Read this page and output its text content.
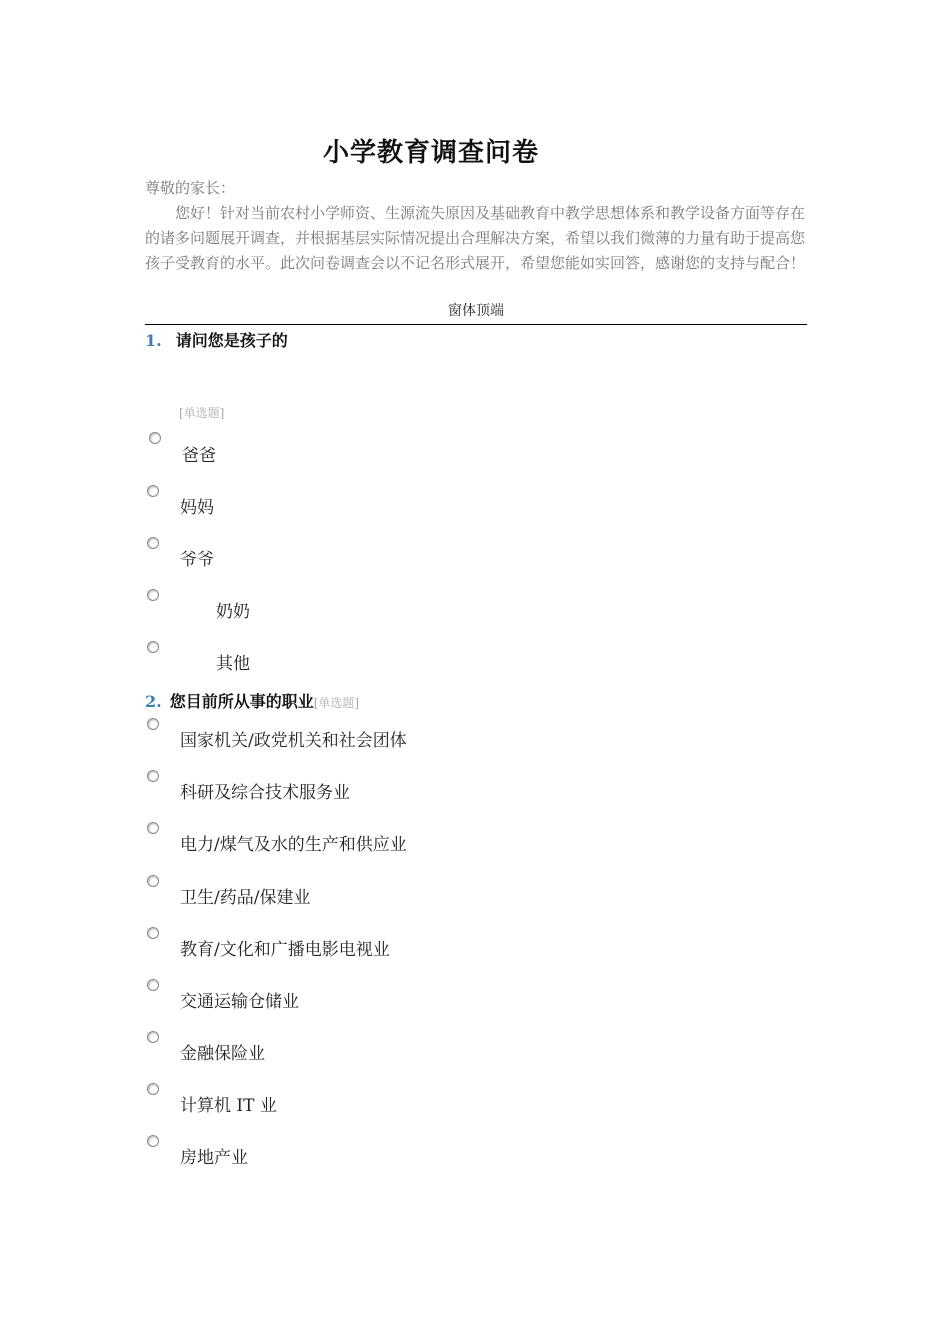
小学教育调查问卷

尊敬的家长：

您好！针对当前农村小学师资、生源流失原因及基础教育中教学思想体系和教学设备方面等存在的诸多问题展开调查，并根据基层实际情况提出合理解决方案，希望以我们微薄的力量有助于提高您孩子受教育的水平。此次问卷调查会以不记名形式展开，希望您能如实回答，感谢您的支持与配合！

窗体顶端
1. 请问您是孩子的
[单选题]
爸爸
妈妈
爷爷
奶奶
其他
2. 您目前所从事的职业[单选题]
国家机关/政党机关和社会团体
科研及综合技术服务业
电力/煤气及水的生产和供应业
卫生/药品/保建业
教育/文化和广播电影电视业
交通运输仓储业
金融保险业
计算机 IT 业
房地产业
